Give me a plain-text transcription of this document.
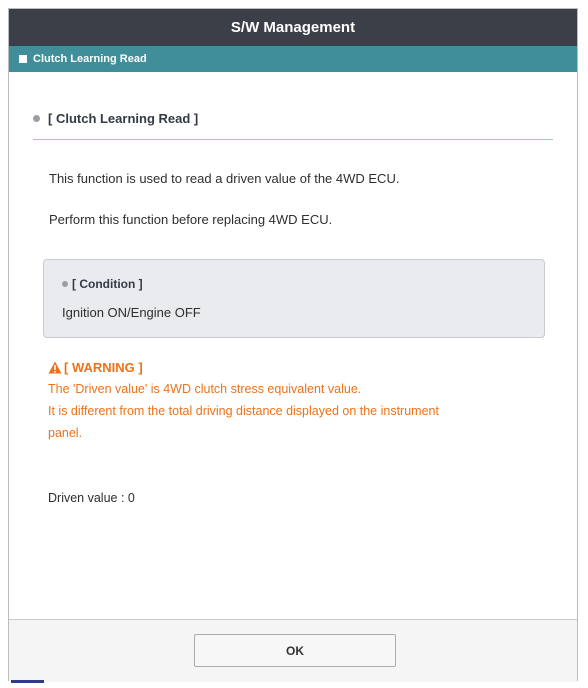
S/W Management
Clutch Learning Read
[ Clutch Learning Read ]
This function is used to read a driven value of the 4WD ECU.
Perform this function before replacing 4WD ECU.
[ Condition ]
Ignition ON/Engine OFF
[ WARNING ]
The 'Driven value' is 4WD clutch stress equivalent value.
It is different from the total driving distance displayed on the instrument
panel.
Driven value : 0
OK
